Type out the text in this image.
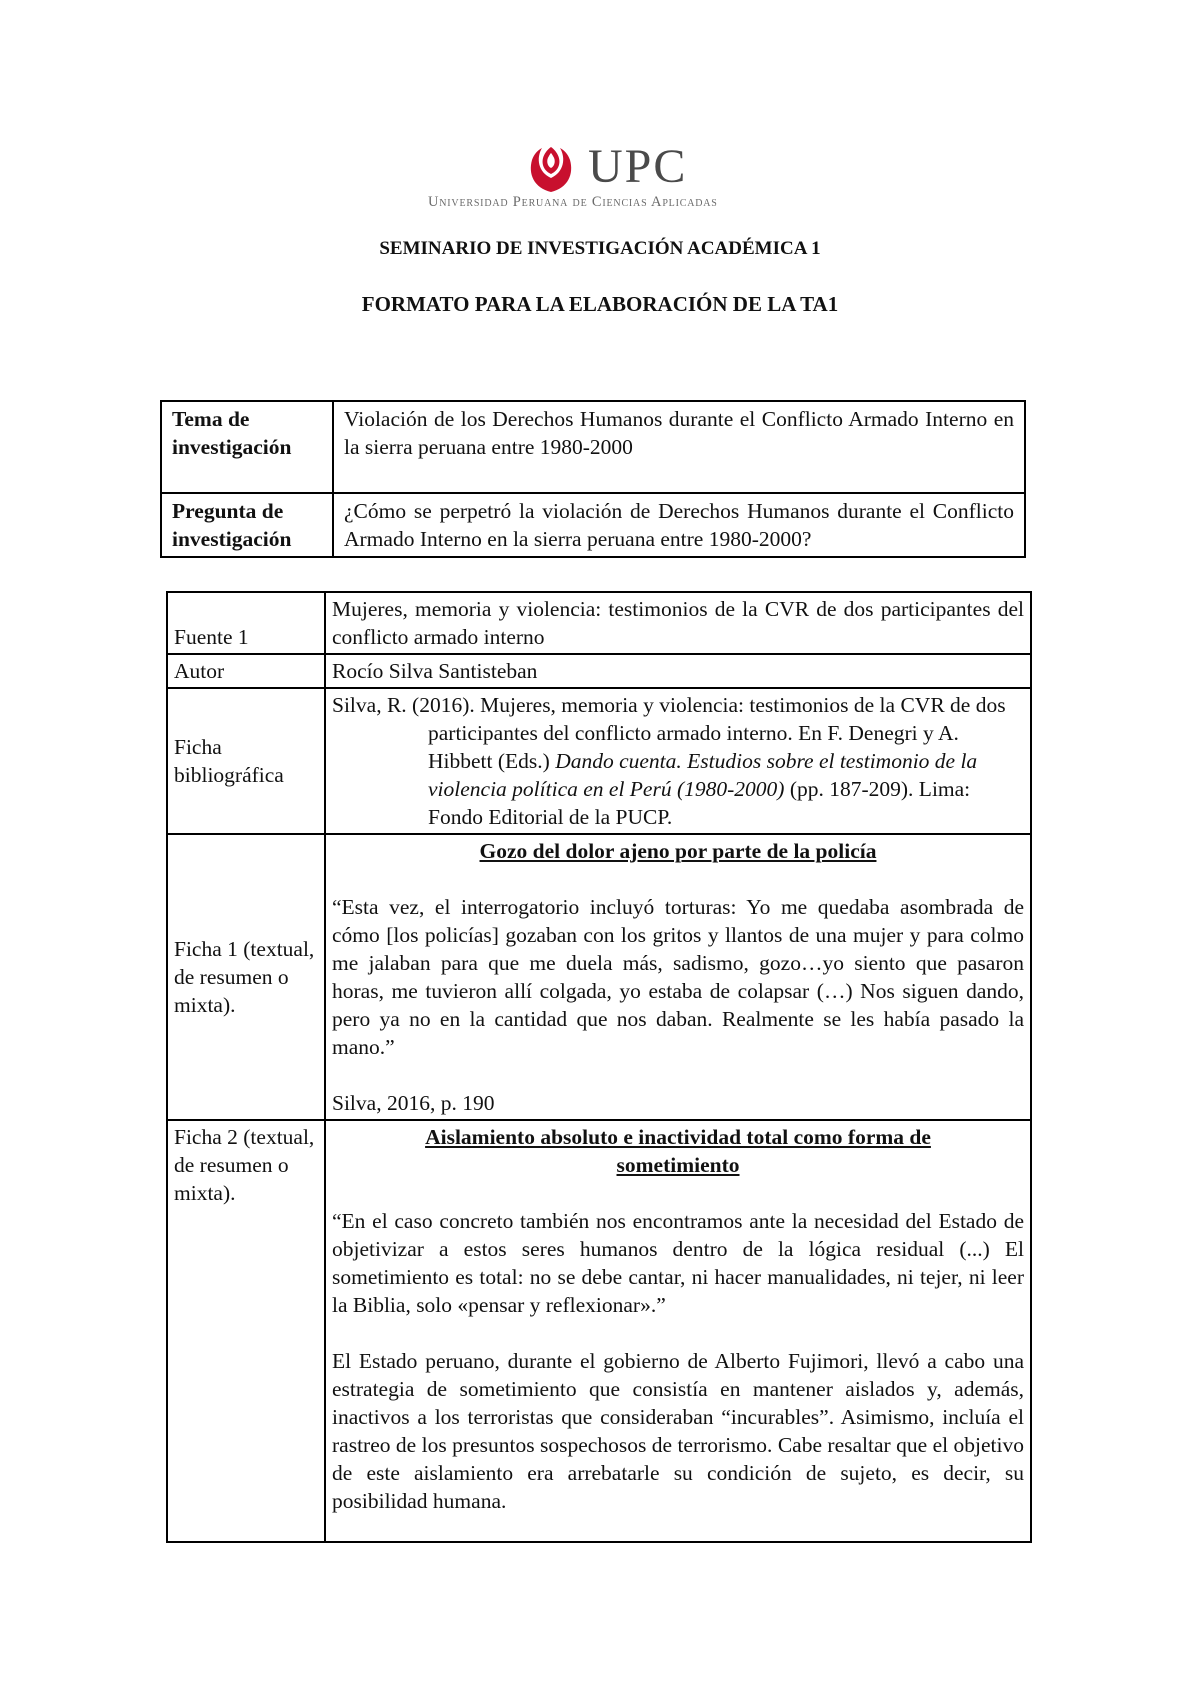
UPC
Universidad Peruana de Ciencias Aplicadas
SEMINARIO DE INVESTIGACIÓN ACADÉMICA 1
FORMATO PARA LA ELABORACIÓN DE LA TA1
Tema de investigación	Violación de los Derechos Humanos durante el Conflicto Armado Interno en la sierra peruana entre 1980-2000
Pregunta de investigación	¿Cómo se perpetró la violación de Derechos Humanos durante el Conflicto Armado Interno en la sierra peruana entre 1980-2000?
Fuente 1	Mujeres, memoria y violencia: testimonios de la CVR de dos participantes del conflicto armado interno
Autor	Rocío Silva Santisteban
Ficha bibliográfica	Silva, R. (2016). Mujeres, memoria y violencia: testimonios de la CVR de dos participantes del conflicto armado interno. En F. Denegri y A. Hibbett (Eds.) Dando cuenta. Estudios sobre el testimonio de la violencia política en el Perú (1980-2000) (pp. 187-209). Lima: Fondo Editorial de la PUCP.

Ficha 1 (textual, de resumen o mixta).	Gozo del dolor ajeno por parte de la policía

“Esta vez, el interrogatorio incluyó torturas: Yo me quedaba asombrada de cómo [los policías] gozaban con los gritos y llantos de una mujer y para colmo me jalaban para que me duela más, sadismo, gozo…yo siento que pasaron horas, me tuvieron allí colgada, yo estaba de colapsar (…) Nos siguen dando, pero ya no en la cantidad que nos daban. Realmente se les había pasado la mano.”

Silva, 2016, p. 190

Ficha 2 (textual, de resumen o mixta).	Aislamiento absoluto e inactividad total como forma de sometimiento

“En el caso concreto también nos encontramos ante la necesidad del Estado de objetivizar a estos seres humanos dentro de la lógica residual (...) El sometimiento es total: no se debe cantar, ni hacer manualidades, ni tejer, ni leer la Biblia, solo «pensar y reflexionar».”

El Estado peruano, durante el gobierno de Alberto Fujimori, llevó a cabo una estrategia de sometimiento que consistía en mantener aislados y, además, inactivos a los terroristas que consideraban “incurables”. Asimismo, incluía el rastreo de los presuntos sospechosos de terrorismo. Cabe resaltar que el objetivo de este aislamiento era arrebatarle su condición de sujeto, es decir, su posibilidad humana.
